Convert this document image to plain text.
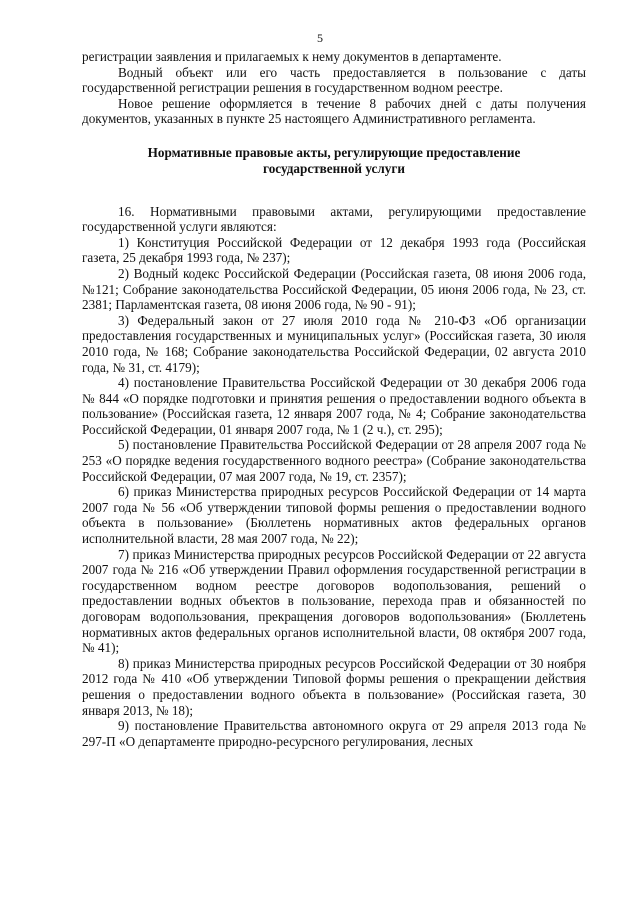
5

регистрации заявления и прилагаемых к нему документов в департаменте.

Водный объект или его часть предоставляется в пользование с даты государственной регистрации решения в государственном водном реестре.

Новое решение оформляется в течение 8 рабочих дней с даты получения документов, указанных в пункте 25 настоящего Административного регламента.

Нормативные правовые акты, регулирующие предоставление
государственной услуги

16. Нормативными правовыми актами, регулирующими предоставление государственной услуги являются:

1) Конституция Российской Федерации от 12 декабря 1993 года (Российская газета, 25 декабря 1993 года, № 237);

2) Водный кодекс Российской Федерации (Российская газета, 08 июня 2006 года, №121; Собрание законодательства Российской Федерации, 05 июня 2006 года, № 23, ст. 2381; Парламентская газета, 08 июня 2006 года, № 90 - 91);

3) Федеральный закон от 27 июля 2010 года № 210-ФЗ «Об организации предоставления государственных и муниципальных услуг» (Российская газета, 30 июля 2010 года, № 168; Собрание законодательства Российской Федерации, 02 августа 2010 года, № 31, ст. 4179);

4) постановление Правительства Российской Федерации от 30 декабря 2006 года № 844 «О порядке подготовки и принятия решения о предоставлении водного объекта в пользование» (Российская газета, 12 января 2007 года, № 4; Собрание законодательства Российской Федерации, 01 января 2007 года, № 1 (2 ч.), ст. 295);

5) постановление Правительства Российской Федерации от 28 апреля 2007 года № 253 «О порядке ведения государственного водного реестра» (Собрание законодательства Российской Федерации, 07 мая 2007 года, № 19, ст. 2357);

6) приказ Министерства природных ресурсов Российской Федерации от 14 марта 2007 года № 56 «Об утверждении типовой формы решения о предоставлении водного объекта в пользование» (Бюллетень нормативных актов федеральных органов исполнительной власти, 28 мая 2007 года, № 22);

7) приказ Министерства природных ресурсов Российской Федерации от 22 августа 2007 года № 216 «Об утверждении Правил оформления государственной регистрации в государственном водном реестре договоров водопользования, решений о предоставлении водных объектов в пользование, перехода прав и обязанностей по договорам водопользования, прекращения договоров водопользования» (Бюллетень нормативных актов федеральных органов исполнительной власти, 08 октября 2007 года, № 41);

8) приказ Министерства природных ресурсов Российской Федерации от 30 ноября 2012 года № 410 «Об утверждении Типовой формы решения о прекращении действия решения о предоставлении водного объекта в пользование» (Российская газета, 30 января 2013, № 18);

9) постановление Правительства автономного округа от 29 апреля 2013 года № 297-П «О департаменте природно-ресурсного регулирования, лесных
